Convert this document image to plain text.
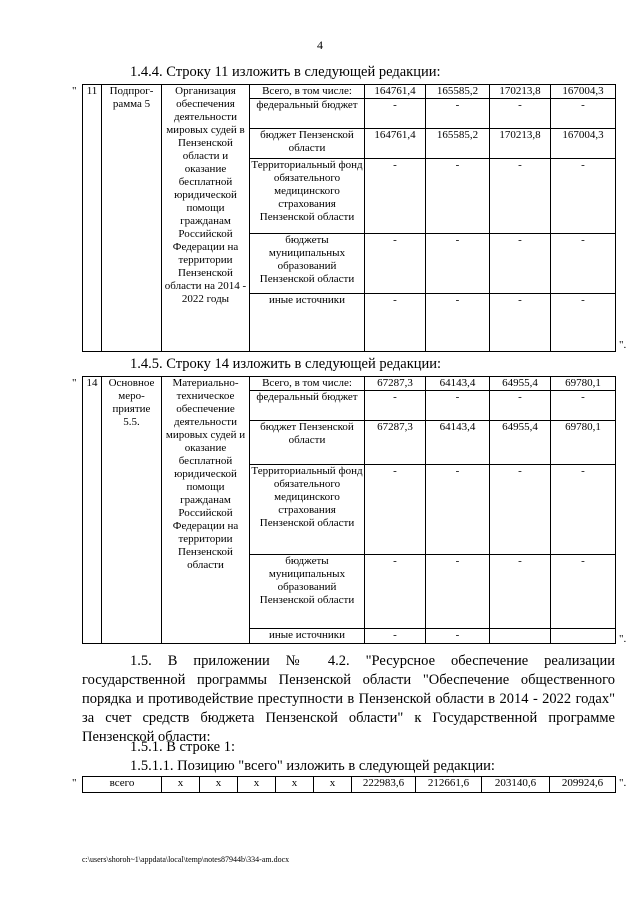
4
1.4.4. Строку 11 изложить в следующей редакции:
" 11	Подпрог-рамма 5	Организация обеспечения деятельности мировых судей в Пензенской области и оказание бесплатной юридической помощи гражданам Российской Федерации на территории Пензенской области на 2014 - 2022 годы	Всего, в том числе:	164761,4	165585,2	170213,8	167004,3
			федеральный бюджет	-	-	-	-
			бюджет Пензенской области	164761,4	165585,2	170213,8	167004,3
			Территориальный фонд обязательного медицинского страхования Пензенской области	-	-	-	-
			бюджеты муниципальных образований Пензенской области	-	-	-	-
			иные источники	-	-	-	-
".
1.4.5. Строку 14 изложить в следующей редакции:
" 14	Основное меро-приятие 5.5.	Материально-техническое обеспечение деятельности мировых судей и оказание бесплатной юридической помощи гражданам Российской Федерации на территории Пензенской области	Всего, в том числе:	67287,3	64143,4	64955,4	69780,1
			федеральный бюджет	-	-	-	-
			бюджет Пензенской области	67287,3	64143,4	64955,4	69780,1
			Территориальный фонд обязательного медицинского страхования Пензенской области	-	-	-	-
			бюджеты муниципальных образований Пензенской области	-	-	-	-
			иные источники	-	-			".
1.5. В приложении № 4.2. "Ресурсное обеспечение реализации государственной программы Пензенской области "Обеспечение общественного порядка и противодействие преступности в Пензенской области в 2014 - 2022 годах" за счет средств бюджета Пензенской области" к Государственной программе Пензенской области:
1.5.1. В строке 1:
1.5.1.1. Позицию "всего" изложить в следующей редакции:
"	всего	x	x	x	x	x	222983,6	212661,6	203140,6	209924,6 ".
c:\users\shoroh~1\appdata\local\temp\notes87944b\334-am.docx
